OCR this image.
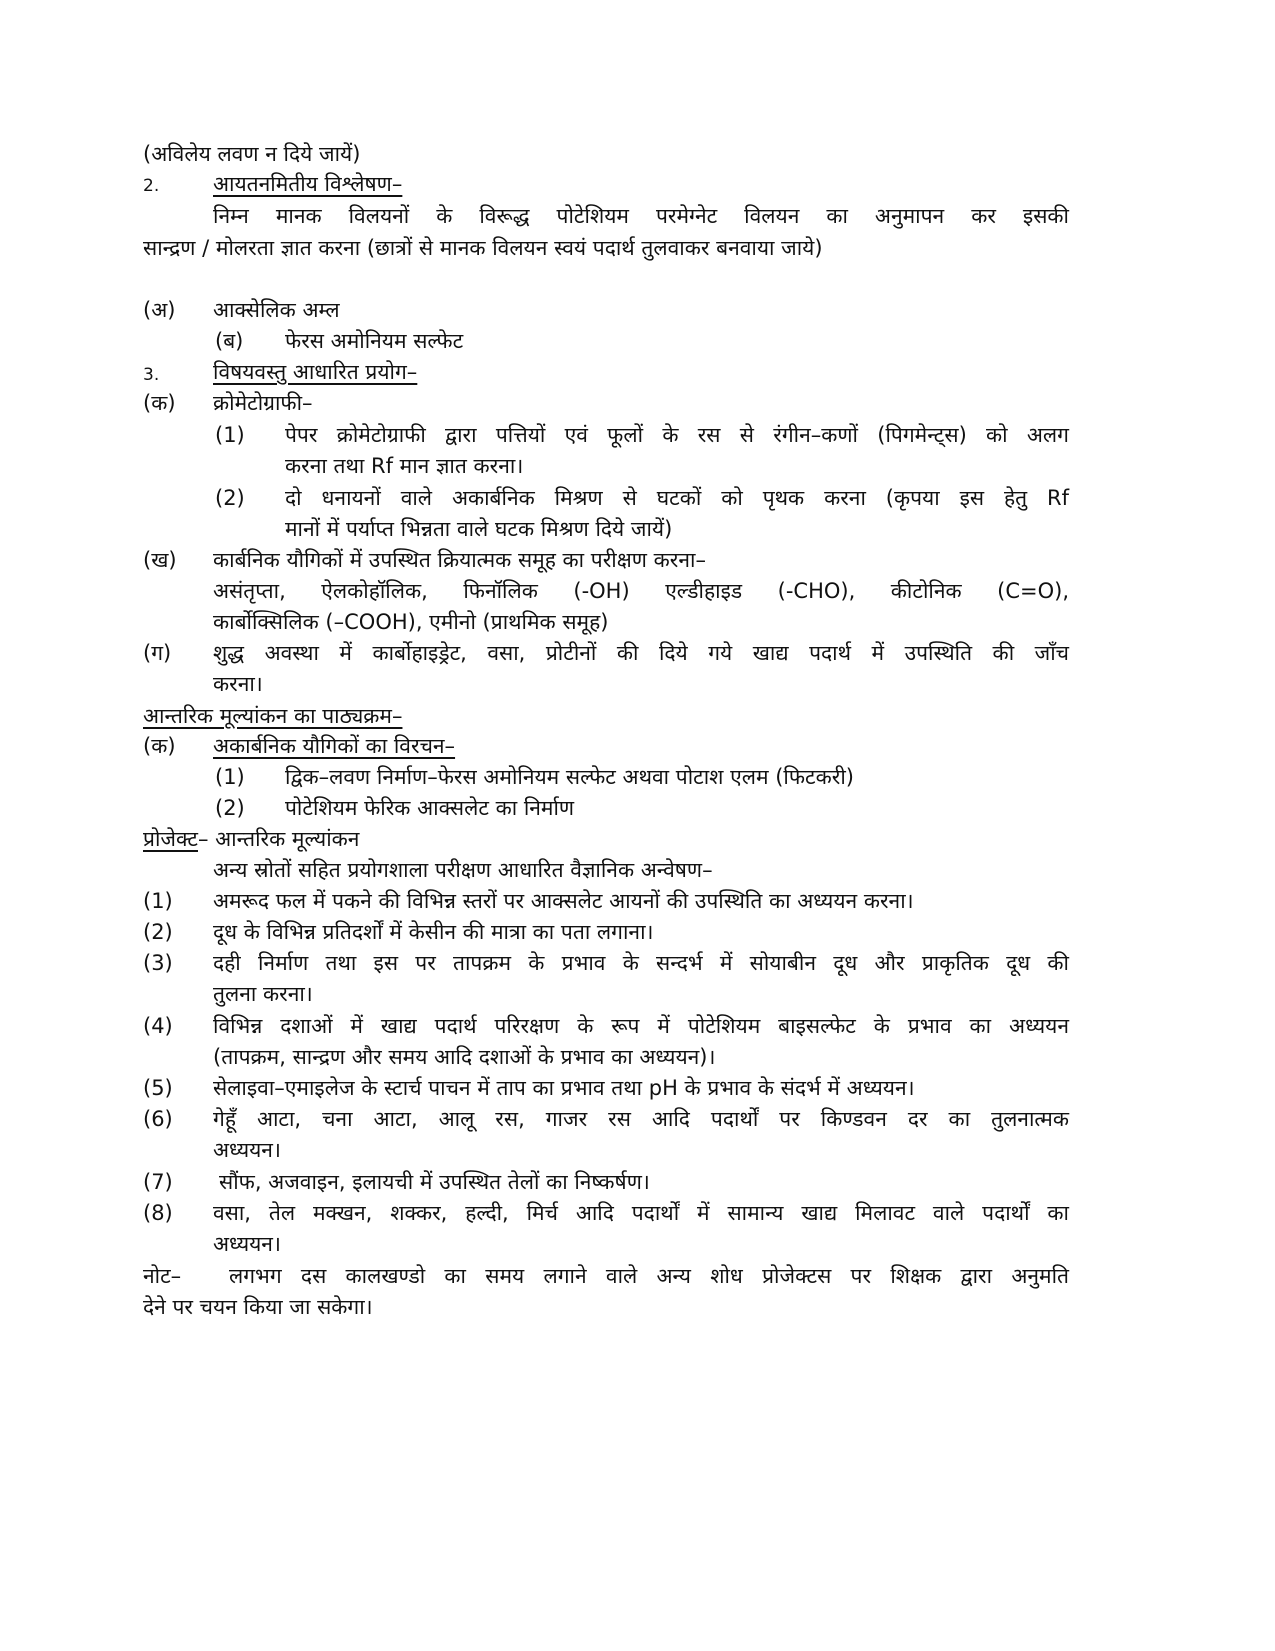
(अविलेय लवण न दिये जायें)
2.	आयतनमितीय विश्लेषण–
निम्न मानक विलयनों के विरूद्ध पोटेशियम परमेग्नेट विलयन का अनुमापन कर इसकी
सान्द्रण / मोलरता ज्ञात करना (छात्रों से मानक विलयन स्वयं पदार्थ तुलवाकर बनवाया जाये)
(अ) आक्सेलिक अम्ल
(ब) फेरस अमोनियम सल्फेट
3.	विषयवस्तु आधारित प्रयोग–
(क) क्रोमेटोग्राफी–
(1) पेपर क्रोमेटोग्राफी द्वारा पत्तियों एवं फूलों के रस से रंगीन–कणों (पिगमेन्ट्स) को अलग
करना तथा Rf मान ज्ञात करना।
(2) दो धनायनों वाले अकार्बनिक मिश्रण से घटकों को पृथक करना (कृपया इस हेतु Rf
मानों में पर्याप्त भिन्नता वाले घटक मिश्रण दिये जायें)
(ख) कार्बनिक यौगिकों में उपस्थित क्रियात्मक समूह का परीक्षण करना–
असंतृप्ता, ऐलकोहॉलिक, फिनॉलिक (-OH) एल्डीहाइड (-CHO), कीटोनिक (C=O),
कार्बोक्सिलिक (–COOH), एमीनो (प्राथमिक समूह)
(ग) शुद्ध अवस्था में कार्बोहाइड्रेट, वसा, प्रोटीनों की दिये गये खाद्य पदार्थ में उपस्थिति की जाँच
करना।
आन्तरिक मूल्यांकन का पाठ्यक्रम–
(क) अकार्बनिक यौगिकों का विरचन–
(1) द्विक–लवण निर्माण–फेरस अमोनियम सल्फेट अथवा पोटाश एलम (फिटकरी)
(2) पोटेशियम फेरिक आक्सलेट का निर्माण
प्रोजेक्ट– आन्तरिक मूल्यांकन
अन्य स्रोतों सहित प्रयोगशाला परीक्षण आधारित वैज्ञानिक अन्वेषण–
(1) अमरूद फल में पकने की विभिन्न स्तरों पर आक्सलेट आयनों की उपस्थिति का अध्ययन करना।
(2) दूध के विभिन्न प्रतिदर्शों में केसीन की मात्रा का पता लगाना।
(3) दही निर्माण तथा इस पर तापक्रम के प्रभाव के सन्दर्भ में सोयाबीन दूध और प्राकृतिक दूध की
तुलना करना।
(4) विभिन्न दशाओं में खाद्य पदार्थ परिरक्षण के रूप में पोटेशियम बाइसल्फेट के प्रभाव का अध्ययन
(तापक्रम, सान्द्रण और समय आदि दशाओं के प्रभाव का अध्ययन)।
(5) सेलाइवा–एमाइलेज के स्टार्च पाचन में ताप का प्रभाव तथा pH के प्रभाव के संदर्भ में अध्ययन।
(6) गेहूँ आटा, चना आटा, आलू रस, गाजर रस आदि पदार्थों पर किण्डवन दर का तुलनात्मक
अध्ययन।
(7) सौंफ, अजवाइन, इलायची में उपस्थित तेलों का निष्कर्षण।
(8) वसा, तेल मक्खन, शक्कर, हल्दी, मिर्च आदि पदार्थों में सामान्य खाद्य मिलावट वाले पदार्थों का
अध्ययन।
नोट– लगभग दस कालखण्डो का समय लगाने वाले अन्य शोध प्रोजेक्टस पर शिक्षक द्वारा अनुमति
देने पर चयन किया जा सकेगा।
